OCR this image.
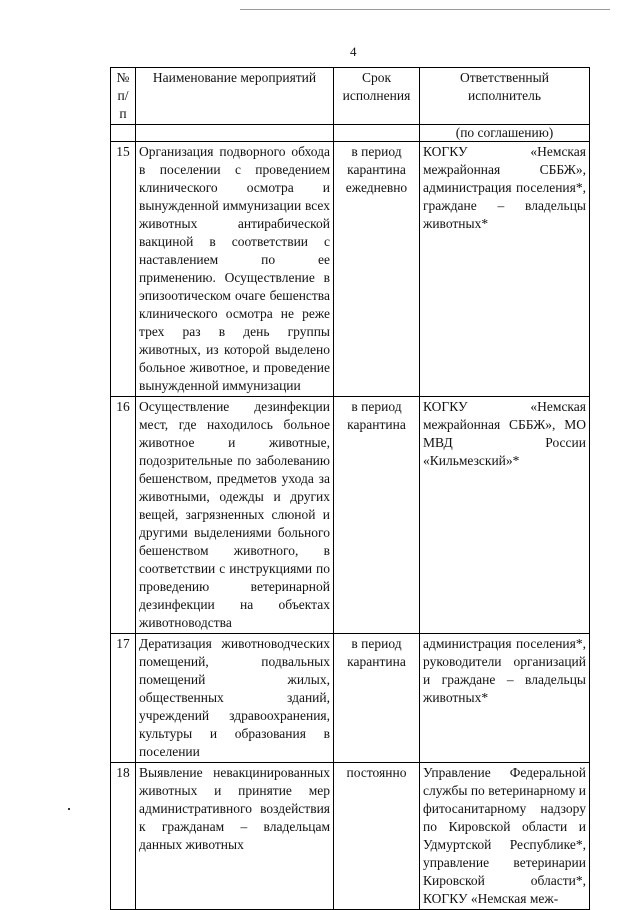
4
№ п/п	Наименование мероприятий	Срок исполнения	Ответственный исполнитель
			(по соглашению)
15	Организация подворного обхода в поселении с проведением клинического осмотра и вынужденной иммунизации всех животных антирабической вакциной в соответствии с наставлением по ее применению. Осуществление в эпизоотическом очаге бешенства клинического осмотра не реже трех раз в день группы животных, из которой выделено больное животное, и проведение вынужденной иммунизации	в период карантина ежедневно	КОГКУ «Немская межрайонная СББЖ», администрация поселения*, граждане – владельцы животных*
16	Осуществление дезинфекции мест, где находилось больное животное и животные, подозрительные по заболеванию бешенством, предметов ухода за животными, одежды и других вещей, загрязненных слюной и другими выделениями больного бешенством животного, в соответствии с инструкциями по проведению ветеринарной дезинфекции на объектах животноводства	в период карантина	КОГКУ «Немская межрайонная СББЖ», МО МВД России «Кильмезский»*
17	Дератизация животноводческих помещений, подвальных помещений жилых, общественных зданий, учреждений здравоохранения, культуры и образования в поселении	в период карантина	администрация поселения*, руководители организаций и граждане – владельцы животных*
18	Выявление невакцинированных животных и принятие мер административного воздействия к гражданам – владельцам данных животных	постоянно	Управление Федеральной службы по ветеринарному и фитосанитарному надзору по Кировской области и Удмуртской Республике*, управление ветеринарии Кировской области*, КОГКУ «Немская меж-
